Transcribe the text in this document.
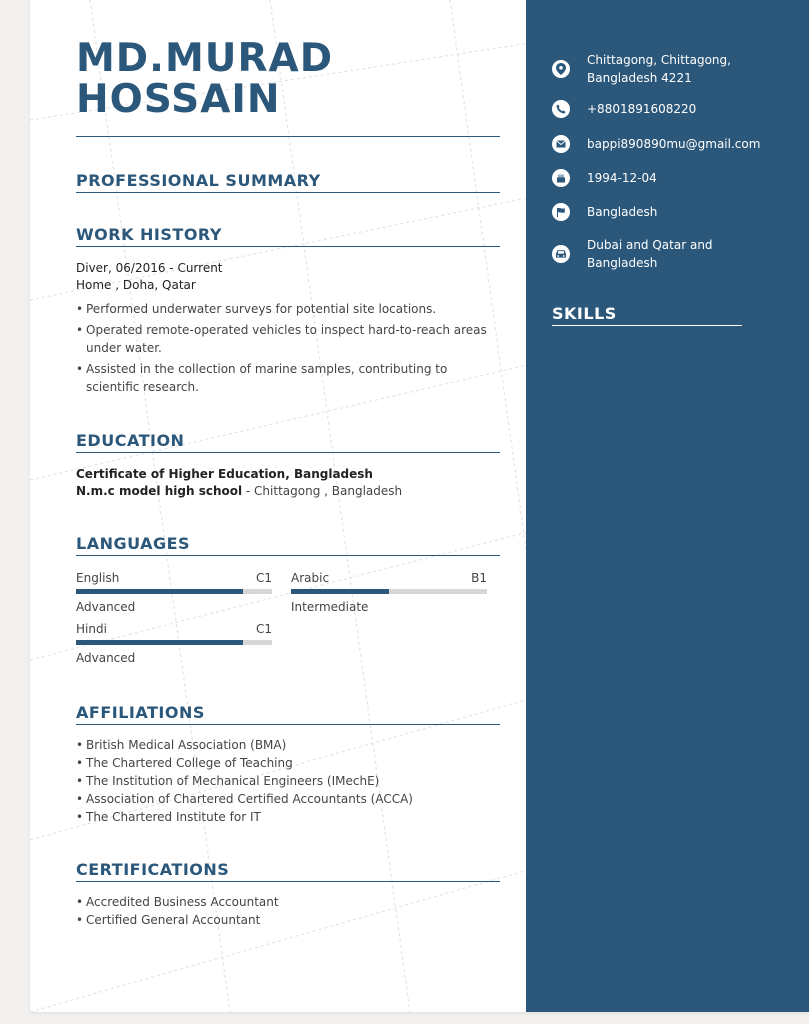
MD.MURAD
HOSSAIN
PROFESSIONAL SUMMARY
WORK HISTORY
Diver, 06/2016 - Current
Home , Doha, Qatar
• Performed underwater surveys for potential site locations.
• Operated remote-operated vehicles to inspect hard-to-reach areas under water.
• Assisted in the collection of marine samples, contributing to scientific research.
EDUCATION
Certificate of Higher Education, Bangladesh
N.m.c model high school - Chittagong , Bangladesh
LANGUAGES
English	C1
Advanced
Arabic	B1
Intermediate
Hindi	C1
Advanced
AFFILIATIONS
• British Medical Association (BMA)
• The Chartered College of Teaching
• The Institution of Mechanical Engineers (IMechE)
• Association of Chartered Certified Accountants (ACCA)
• The Chartered Institute for IT
CERTIFICATIONS
• Accredited Business Accountant
• Certified General Accountant
Chittagong, Chittagong, Bangladesh 4221
+8801891608220
bappi890890mu@gmail.com
1994-12-04
Bangladesh
Dubai and Qatar and Bangladesh
SKILLS
